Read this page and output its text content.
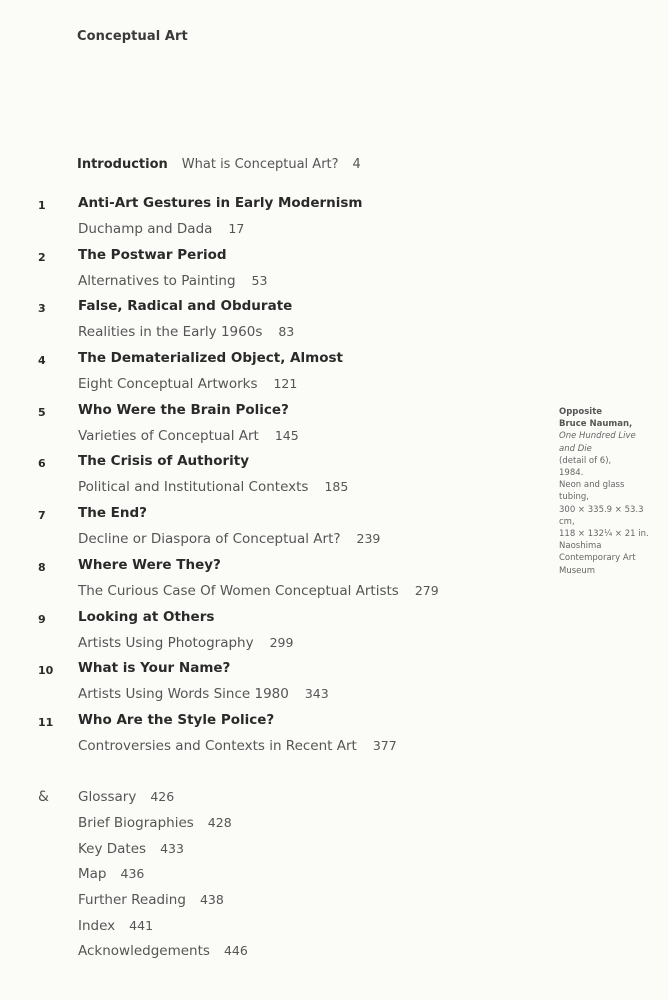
Conceptual Art
Introduction What is Conceptual Art? 4
1	Anti-Art Gestures in Early Modernism
Duchamp and Dada 17
2	The Postwar Period
Alternatives to Painting 53
3	False, Radical and Obdurate
Realities in the Early 1960s 83
4	The Dematerialized Object, Almost
Eight Conceptual Artworks 121
5	Who Were the Brain Police?
Varieties of Conceptual Art 145
6	The Crisis of Authority
Political and Institutional Contexts 185
7	The End?
Decline or Diaspora of Conceptual Art? 239
8	Where Were They?
The Curious Case Of Women Conceptual Artists 279
9	Looking at Others
Artists Using Photography 299
10	What is Your Name?
Artists Using Words Since 1980 343
11	Who Are the Style Police?
Controversies and Contexts in Recent Art 377
& Glossary 426
Brief Biographies 428
Key Dates 433
Map 436
Further Reading 438
Index 441
Acknowledgements 446
Opposite
Bruce Nauman,
One Hundred Live and Die
(detail of 6),
1984.
Neon and glass tubing,
300 × 335.9 × 53.3 cm,
118 × 132¼ × 21 in.
Naoshima Contemporary Art Museum
